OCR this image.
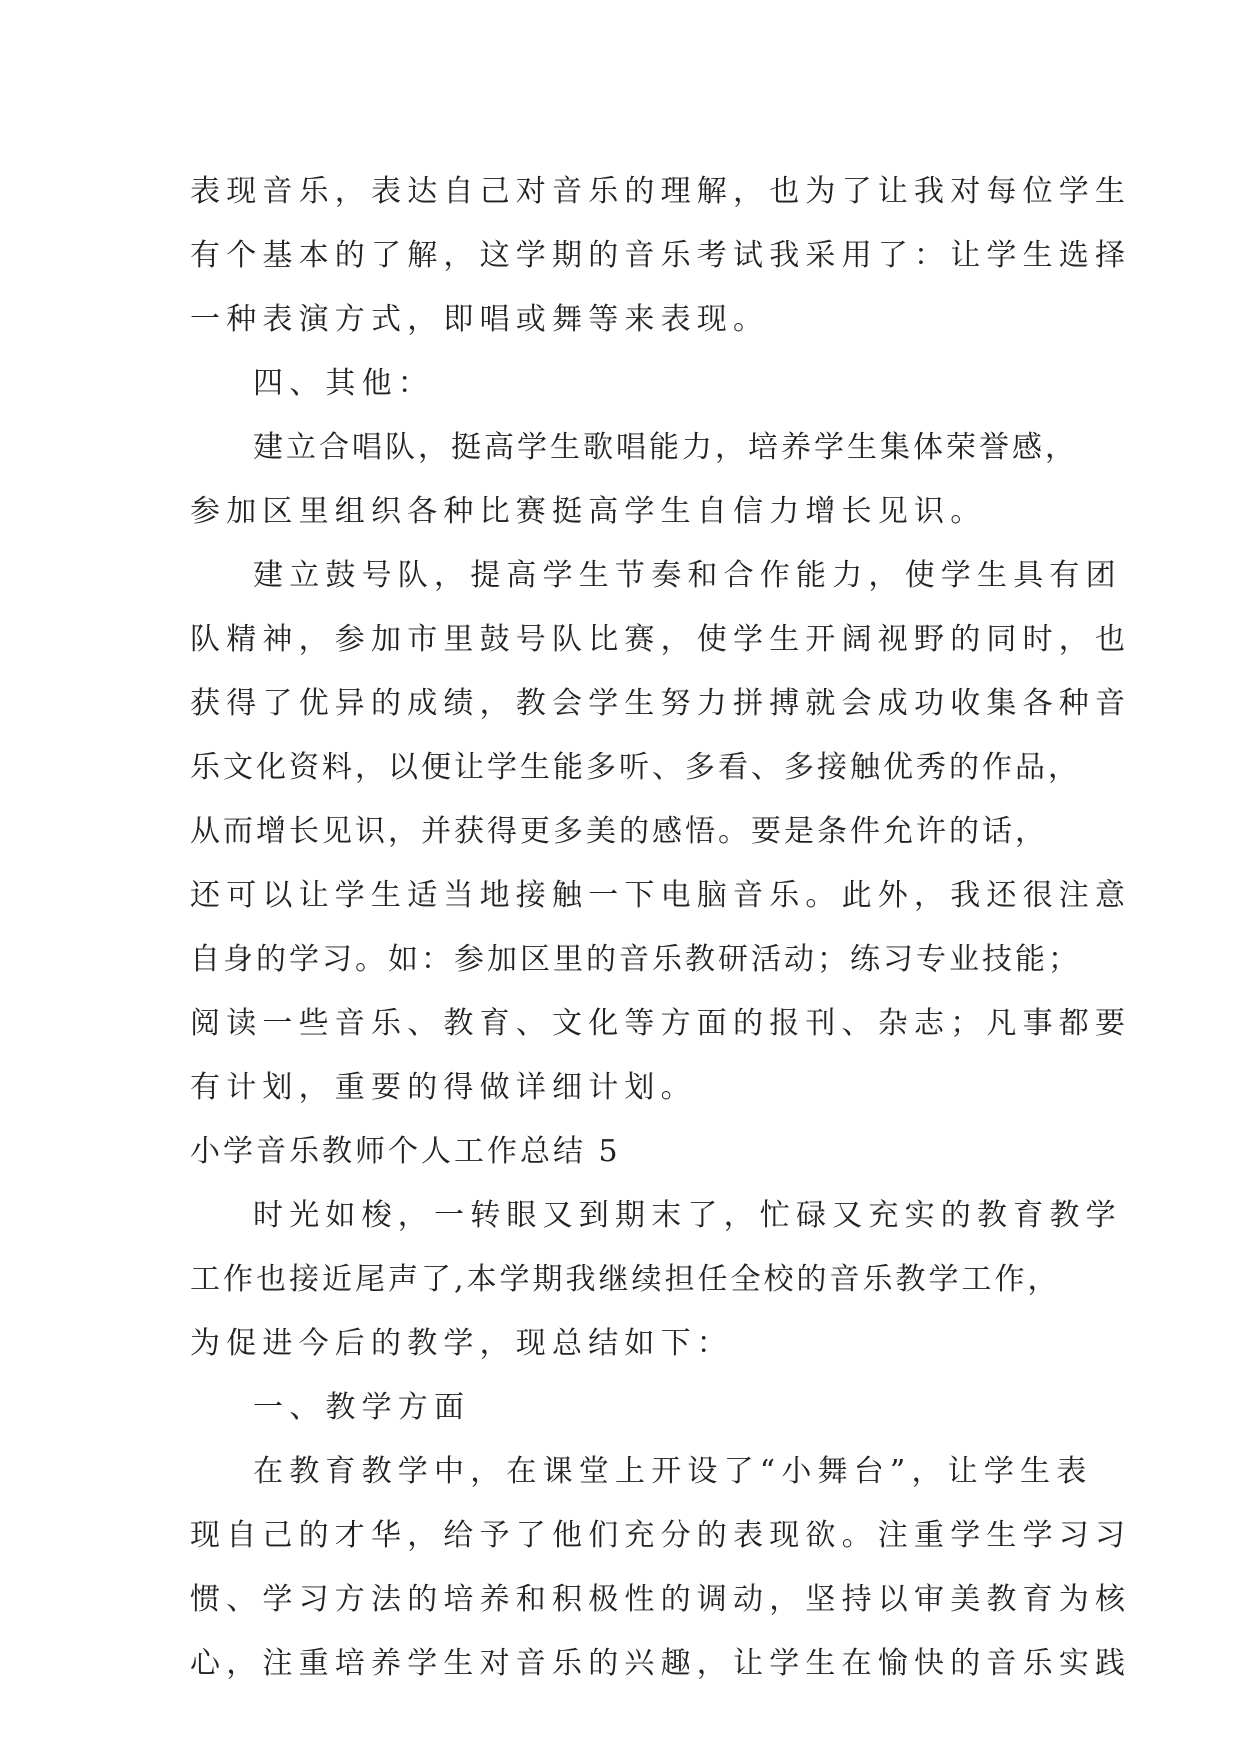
表现音乐，表达自己对音乐的理解，也为了让我对每位学生
有个基本的了解，这学期的音乐考试我采用了：让学生选择
一种表演方式，即唱或舞等来表现。
四、其他：
建立合唱队，挺高学生歌唱能力，培养学生集体荣誉感，
参加区里组织各种比赛挺高学生自信力增长见识。
建立鼓号队，提高学生节奏和合作能力，使学生具有团
队精神，参加市里鼓号队比赛，使学生开阔视野的同时，也
获得了优异的成绩，教会学生努力拼搏就会成功收集各种音
乐文化资料，以便让学生能多听、多看、多接触优秀的作品，
从而增长见识，并获得更多美的感悟。要是条件允许的话，
还可以让学生适当地接触一下电脑音乐。此外，我还很注意
自身的学习。如：参加区里的音乐教研活动；练习专业技能；
阅读一些音乐、教育、文化等方面的报刊、杂志；凡事都要
有计划，重要的得做详细计划。
小学音乐教师个人工作总结 5
时光如梭，一转眼又到期末了，忙碌又充实的教育教学
工作也接近尾声了,本学期我继续担任全校的音乐教学工作，
为促进今后的教学，现总结如下：
一、教学方面
在教育教学中，在课堂上开设了“小舞台”，让学生表
现自己的才华，给予了他们充分的表现欲。注重学生学习习
惯、学习方法的培养和积极性的调动，坚持以审美教育为核
心，注重培养学生对音乐的兴趣，让学生在愉快的音乐实践
